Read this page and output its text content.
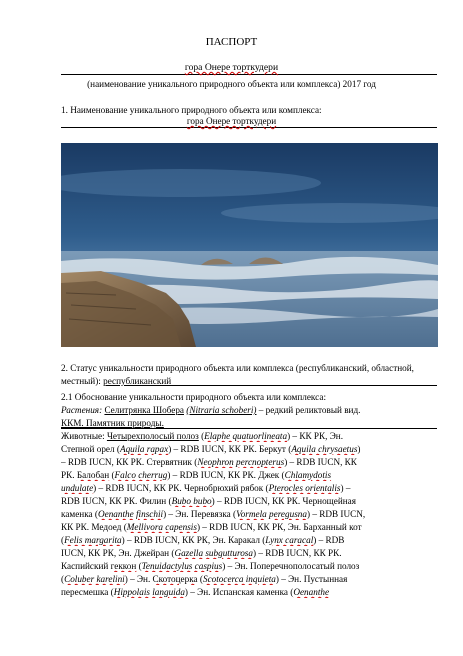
ПАСПОРТ
гора Онере торткудери
(наименование уникального природного объекта или комплекса) 2017 год
1. Наименование уникального природного объекта или комплекса:
гора Онере торткудери
2. Статус уникальности природного объекта или комплекса (республиканский, областной,
местный): республиканский
2.1 Обоснование уникальности природного объекта или комплекса:
Растения: Селитрянка Шобера (Nitraria schoberi) – редкий реликтовый вид.
ККМ. Памятник природы.
Животные: Четырехполосый полоз (Elaphe quatuorlineata) – КК РК, Эн.
Степной орел (Aquila rapax) – RDB IUCN, КК РК. Беркут (Aquila chrysaetus)
– RDB IUCN, КК РК. Стервятник (Neophron percnopterus) – RDB IUCN, КК
РК. Балобан (Falco cherrug) – RDB IUCN, КК РК. Джек (Chlamydotis
undulate) – RDB IUCN, КК РК. Чернобрюхий рябок (Pterocles orientalis) –
RDB IUCN, КК РК. Филин (Bubo bubo) – RDB IUCN, КК РК. Чернощейная
каменка (Oenanthe finschii) – Эн. Перевязка (Vormela peregusna) – RDB IUCN,
КК РК. Медоед (Mellivora capensis) – RDB IUCN, КК РК, Эн. Барханный кот
(Felis margarita) – RDB IUCN, КК РК, Эн. Каракал (Lynx caracal) – RDB
IUCN, КК РК, Эн. Джейран (Gazella subgutturosa) – RDB IUCN, КК РК.
Каспийский геккон (Tenuidactylus caspius) – Эн. Поперечнополосатый полоз
(Coluber karelini) – Эн. Скотоцерка (Scotocerca inquieta) – Эн. Пустынная
пересмешка (Hippolais languida) – Эн. Испанская каменка (Oenanthe
